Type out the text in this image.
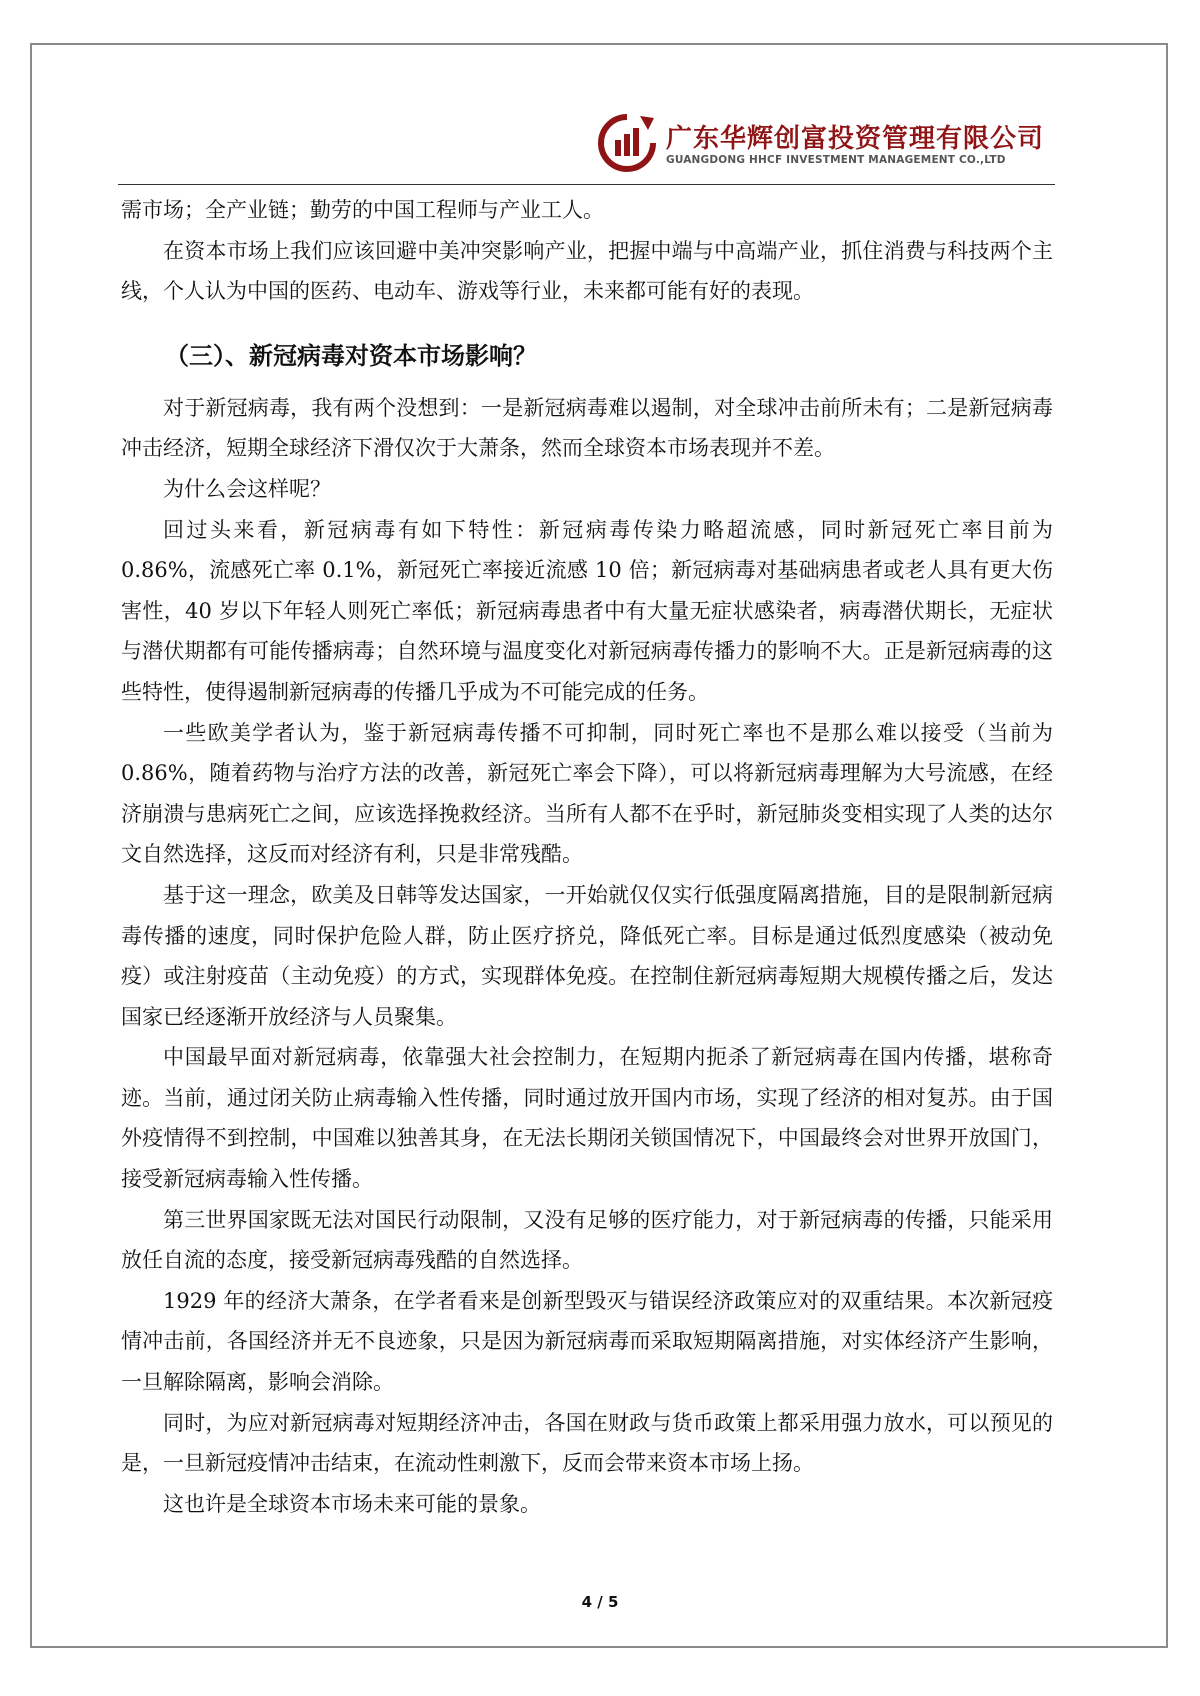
广东华辉创富投资管理有限公司
GUANGDONG HHCF INVESTMENT MANAGEMENT CO.,LTD

需市场；全产业链；勤劳的中国工程师与产业工人。

在资本市场上我们应该回避中美冲突影响产业，把握中端与中高端产业，抓住消费与科技两个主线，个人认为中国的医药、电动车、游戏等行业，未来都可能有好的表现。

（三）、新冠病毒对资本市场影响？

对于新冠病毒，我有两个没想到：一是新冠病毒难以遏制，对全球冲击前所未有；二是新冠病毒冲击经济，短期全球经济下滑仅次于大萧条，然而全球资本市场表现并不差。

为什么会这样呢？

回过头来看，新冠病毒有如下特性：新冠病毒传染力略超流感，同时新冠死亡率目前为 0.86%，流感死亡率 0.1%，新冠死亡率接近流感 10 倍；新冠病毒对基础病患者或老人具有更大伤害性，40 岁以下年轻人则死亡率低；新冠病毒患者中有大量无症状感染者，病毒潜伏期长，无症状与潜伏期都有可能传播病毒；自然环境与温度变化对新冠病毒传播力的影响不大。正是新冠病毒的这些特性，使得遏制新冠病毒的传播几乎成为不可能完成的任务。

一些欧美学者认为，鉴于新冠病毒传播不可抑制，同时死亡率也不是那么难以接受（当前为 0.86%，随着药物与治疗方法的改善，新冠死亡率会下降），可以将新冠病毒理解为大号流感，在经济崩溃与患病死亡之间，应该选择挽救经济。当所有人都不在乎时，新冠肺炎变相实现了人类的达尔文自然选择，这反而对经济有利，只是非常残酷。

基于这一理念，欧美及日韩等发达国家，一开始就仅仅实行低强度隔离措施，目的是限制新冠病毒传播的速度，同时保护危险人群，防止医疗挤兑，降低死亡率。目标是通过低烈度感染（被动免疫）或注射疫苗（主动免疫）的方式，实现群体免疫。在控制住新冠病毒短期大规模传播之后，发达国家已经逐渐开放经济与人员聚集。

中国最早面对新冠病毒，依靠强大社会控制力，在短期内扼杀了新冠病毒在国内传播，堪称奇迹。当前，通过闭关防止病毒输入性传播，同时通过放开国内市场，实现了经济的相对复苏。由于国外疫情得不到控制，中国难以独善其身，在无法长期闭关锁国情况下，中国最终会对世界开放国门，接受新冠病毒输入性传播。

第三世界国家既无法对国民行动限制，又没有足够的医疗能力，对于新冠病毒的传播，只能采用放任自流的态度，接受新冠病毒残酷的自然选择。

1929 年的经济大萧条，在学者看来是创新型毁灭与错误经济政策应对的双重结果。本次新冠疫情冲击前，各国经济并无不良迹象，只是因为新冠病毒而采取短期隔离措施，对实体经济产生影响，一旦解除隔离，影响会消除。

同时，为应对新冠病毒对短期经济冲击，各国在财政与货币政策上都采用强力放水，可以预见的是，一旦新冠疫情冲击结束，在流动性刺激下，反而会带来资本市场上扬。

这也许是全球资本市场未来可能的景象。

4 / 5
